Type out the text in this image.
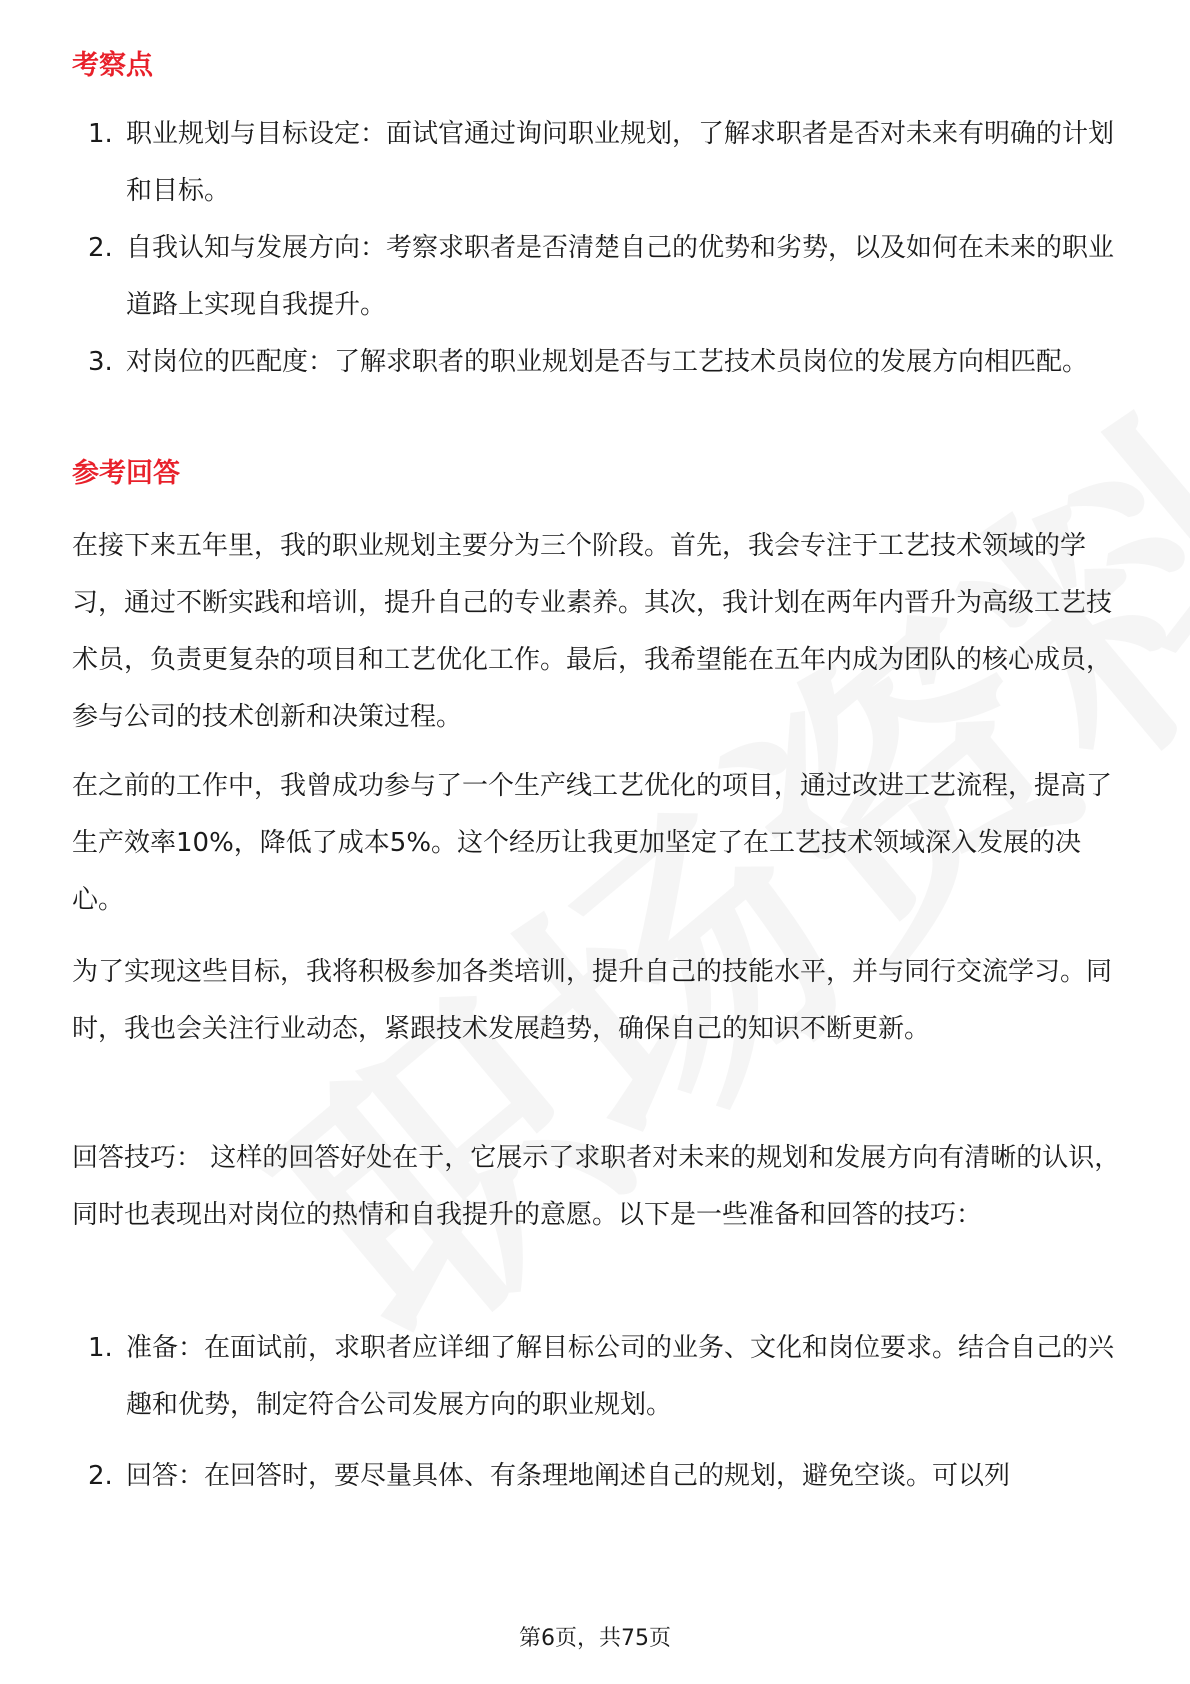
考察点
1. 职业规划与目标设定：面试官通过询问职业规划，了解求职者是否对未来有明确的计划和目标。
2. 自我认知与发展方向：考察求职者是否清楚自己的优势和劣势，以及如何在未来的职业道路上实现自我提升。
3. 对岗位的匹配度：了解求职者的职业规划是否与工艺技术员岗位的发展方向相匹配。
参考回答

在接下来五年里，我的职业规划主要分为三个阶段。首先，我会专注于工艺技术领域的学习，通过不断实践和培训，提升自己的专业素养。其次，我计划在两年内晋升为高级工艺技术员，负责更复杂的项目和工艺优化工作。最后，我希望能在五年内成为团队的核心成员，参与公司的技术创新和决策过程。

在之前的工作中，我曾成功参与了一个生产线工艺优化的项目，通过改进工艺流程，提高了生产效率10%，降低了成本5%。这个经历让我更加坚定了在工艺技术领域深入发展的决心。

为了实现这些目标，我将积极参加各类培训，提升自己的技能水平，并与同行交流学习。同时，我也会关注行业动态，紧跟技术发展趋势，确保自己的知识不断更新。

回答技巧： 这样的回答好处在于，它展示了求职者对未来的规划和发展方向有清晰的认识，同时也表现出对岗位的热情和自我提升的意愿。以下是一些准备和回答的技巧：

1. 准备：在面试前，求职者应详细了解目标公司的业务、文化和岗位要求。结合自己的兴趣和优势，制定符合公司发展方向的职业规划。
2. 回答：在回答时，要尽量具体、有条理地阐述自己的规划，避免空谈。可以列
第6页，共75页
